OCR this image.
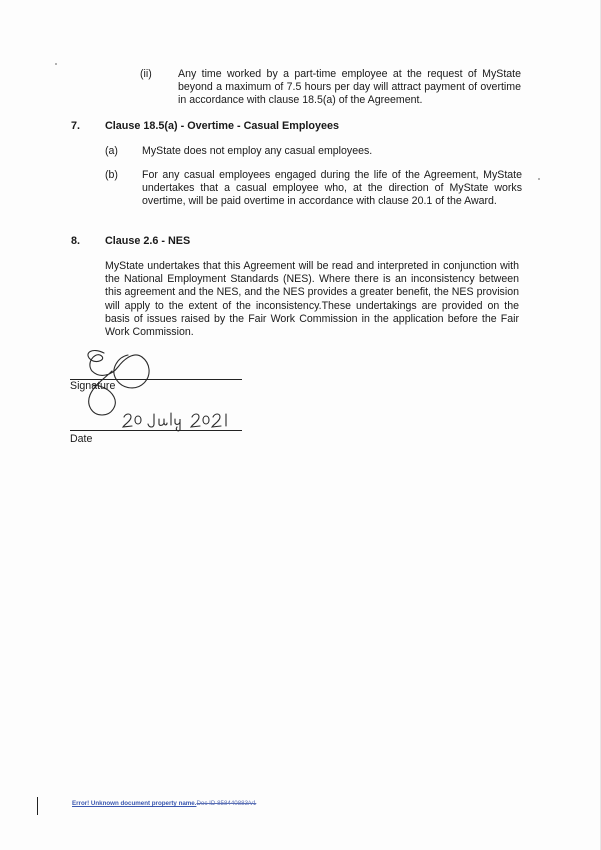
(ii) Any time worked by a part-time employee at the request of MyState beyond a maximum of 7.5 hours per day will attract payment of overtime in accordance with clause 18.5(a) of the Agreement.
7. Clause 18.5(a) - Overtime - Casual Employees
(a) MyState does not employ any casual employees.
(b) For any casual employees engaged during the life of the Agreement, MyState undertakes that a casual employee who, at the direction of MyState works overtime, will be paid overtime in accordance with clause 20.1 of the Award.
8. Clause 2.6 - NES
MyState undertakes that this Agreement will be read and interpreted in conjunction with the National Employment Standards (NES). Where there is an inconsistency between this agreement and the NES, and the NES provides a greater benefit, the NES provision will apply to the extent of the inconsistency.These undertakings are provided on the basis of issues raised by the Fair Work Commission in the application before the Fair Work Commission.
Signature
Date
Error! Unknown document property name.Doc ID 858440883/v1
